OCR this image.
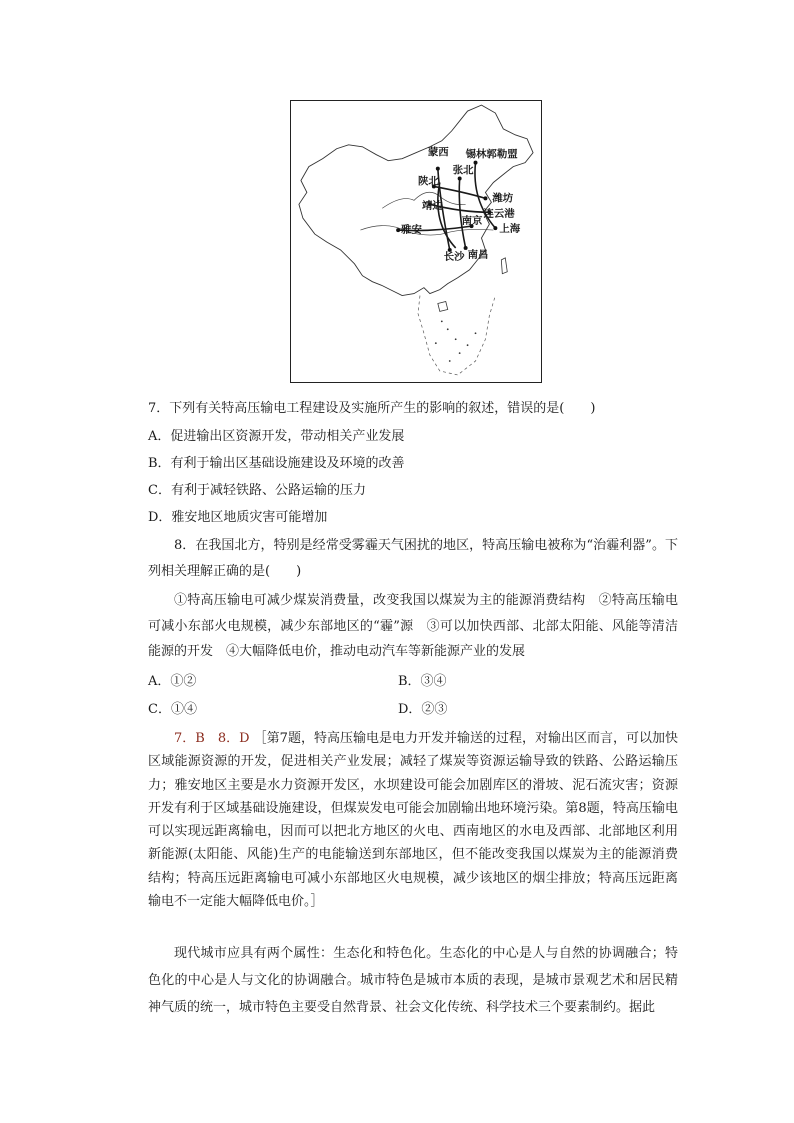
蒙西 锡林郭勒盟
张北
陕北
靖边
潍坊
连云港
南京
上海
雅安
长沙 南昌
7．下列有关特高压输电工程建设及实施所产生的影响的叙述，错误的是(　　)
A．促进输出区资源开发，带动相关产业发展
B．有利于输出区基础设施建设及环境的改善
C．有利于减轻铁路、公路运输的压力
D．雅安地区地质灾害可能增加
8．在我国北方，特别是经常受雾霾天气困扰的地区，特高压输电被称为“治霾利器”。下列相关理解正确的是(　　)
①特高压输电可减少煤炭消费量，改变我国以煤炭为主的能源消费结构　②特高压输电可减小东部火电规模，减少东部地区的“霾”源　③可以加快西部、北部太阳能、风能等清洁能源的开发　④大幅降低电价，推动电动汽车等新能源产业的发展
A．①②	B．③④
C．①④	D．②③
7．B　8．D ［第7题，特高压输电是电力开发并输送的过程，对输出区而言，可以加快区域能源资源的开发，促进相关产业发展；减轻了煤炭等资源运输导致的铁路、公路运输压力；雅安地区主要是水力资源开发区，水坝建设可能会加剧库区的滑坡、泥石流灾害；资源开发有利于区域基础设施建设，但煤炭发电可能会加剧输出地环境污染。第8题，特高压输电可以实现远距离输电，因而可以把北方地区的火电、西南地区的水电及西部、北部地区利用新能源(太阳能、风能)生产的电能输送到东部地区，但不能改变我国以煤炭为主的能源消费结构；特高压远距离输电可减小东部地区火电规模，减少该地区的烟尘排放；特高压远距离输电不一定能大幅降低电价。］
现代城市应具有两个属性：生态化和特色化。生态化的中心是人与自然的协调融合；特色化的中心是人与文化的协调融合。城市特色是城市本质的表现，是城市景观艺术和居民精神气质的统一，城市特色主要受自然背景、社会文化传统、科学技术三个要素制约。据此
